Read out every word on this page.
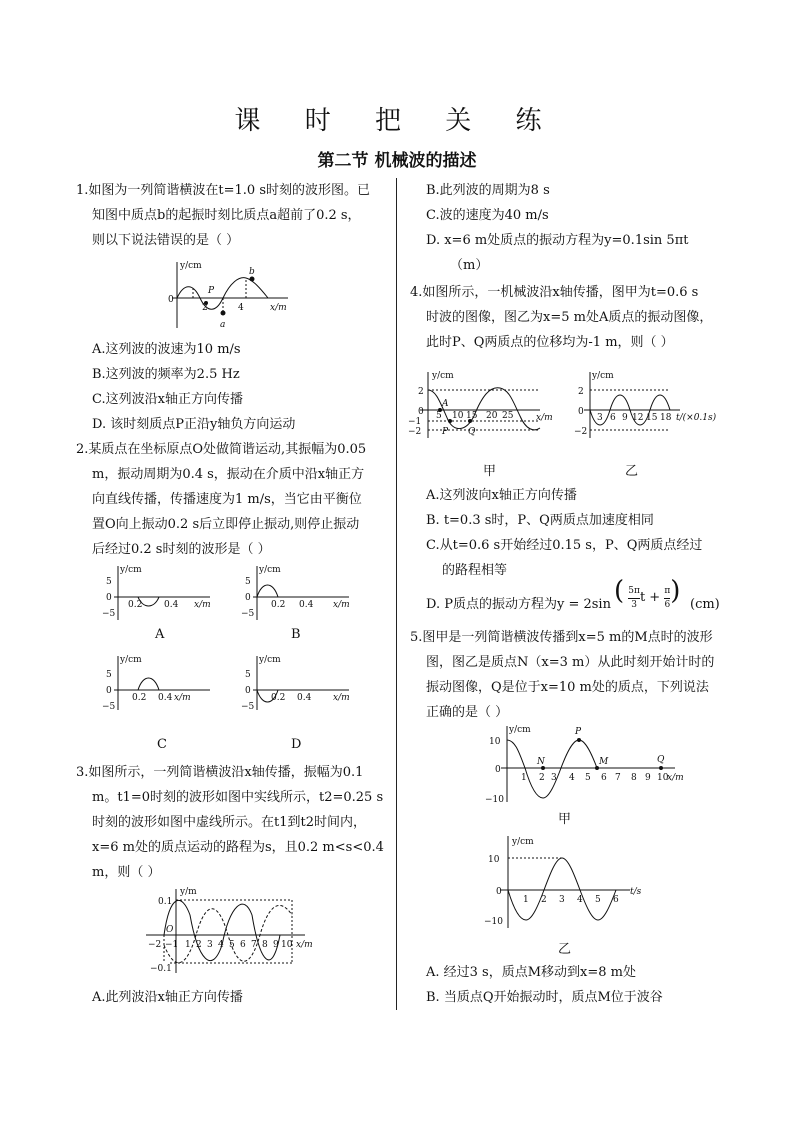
课 时 把 关 练
第二节 机械波的描述
1.如图为一列简谐横波在t=1.0 s时刻的波形图。已
知图中质点b的起振时刻比质点a超前了0.2 s，
则以下说法错误的是（ ）
y/cm
x/m
0
2	4
P
a
b
A.这列波的波速为10 m/s
B.这列波的频率为2.5 Hz
C.这列波沿x轴正方向传播
D. 该时刻质点P正沿y轴负方向运动
2.某质点在坐标原点O处做简谐运动,其振幅为0.05
m，振动周期为0.4 s，振动在介质中沿x轴正方
向直线传播，传播速度为1 m/s，当它由平衡位
置O向上振动0.2 s后立即停止振动,则停止振动
后经过0.2 s时刻的波形是（ ）
y/cm
5
0
−5
0.2 0.4 x/m
A
y/cm
5
0
−5
0.2 0.4 x/m
B
y/cm
5
0
−5
0.2 0.4 x/m
C
y/cm
5
0
−5
0.2 0.4 x/m
D
3.如图所示，一列简谐横波沿x轴传播，振幅为0.1
m。t1=0时刻的波形如图中实线所示，t2=0.25 s
时刻的波形如图中虚线所示。在t1到t2时间内，
x=6 m处的质点运动的路程为s，且0.2 m<s<0.4
m，则（ ）
y/m
0.1
O
−0.1
−2 −1 1 2 3 4 5 6 7 8 9 10 x/m
A.此列波沿x轴正方向传播
B.此列波的周期为8 s
C.波的速度为40 m/s
D. x=6 m处质点的振动方程为y=0.1sin 5πt
（m）
4.如图所示，一机械波沿x轴传播，图甲为t=0.6 s
时波的图像，图乙为x=5 m处A质点的振动图像，
此时P、Q两质点的位移均为-1 m，则（ ）
y/cm
2
0
−1
−2
5 10 15 20 25	x/m
A
P Q
甲
y/cm
2
0
−2
3 6 9 12 15 18 t/(×0.1s)
乙
A.这列波向x轴正方向传播
B. t=0.3 s时，P、Q两质点加速度相同
C.从t=0.6 s开始经过0.15 s，P、Q两质点经过
的路程相等
D. P质点的振动方程为y = 2sin ( $\frac{5\pi}{3}$ $t + \frac{\pi}{6}$ ) (cm)
5.图甲是一列简谐横波传播到x=5 m的M点时的波形
图，图乙是质点N（x=3 m）从此时刻开始计时的
振动图像，Q是位于x=10 m处的质点，下列说法
正确的是（ ）
y/cm
10
0
−10
1 2 3 4 5 6 7 8 9 10
x/m
N
P
M	Q
甲
y/cm
10
0
−10
1 2 3 4 5 6
t/s
乙
A. 经过3 s，质点M移动到x=8 m处
B. 当质点Q开始振动时，质点M位于波谷
